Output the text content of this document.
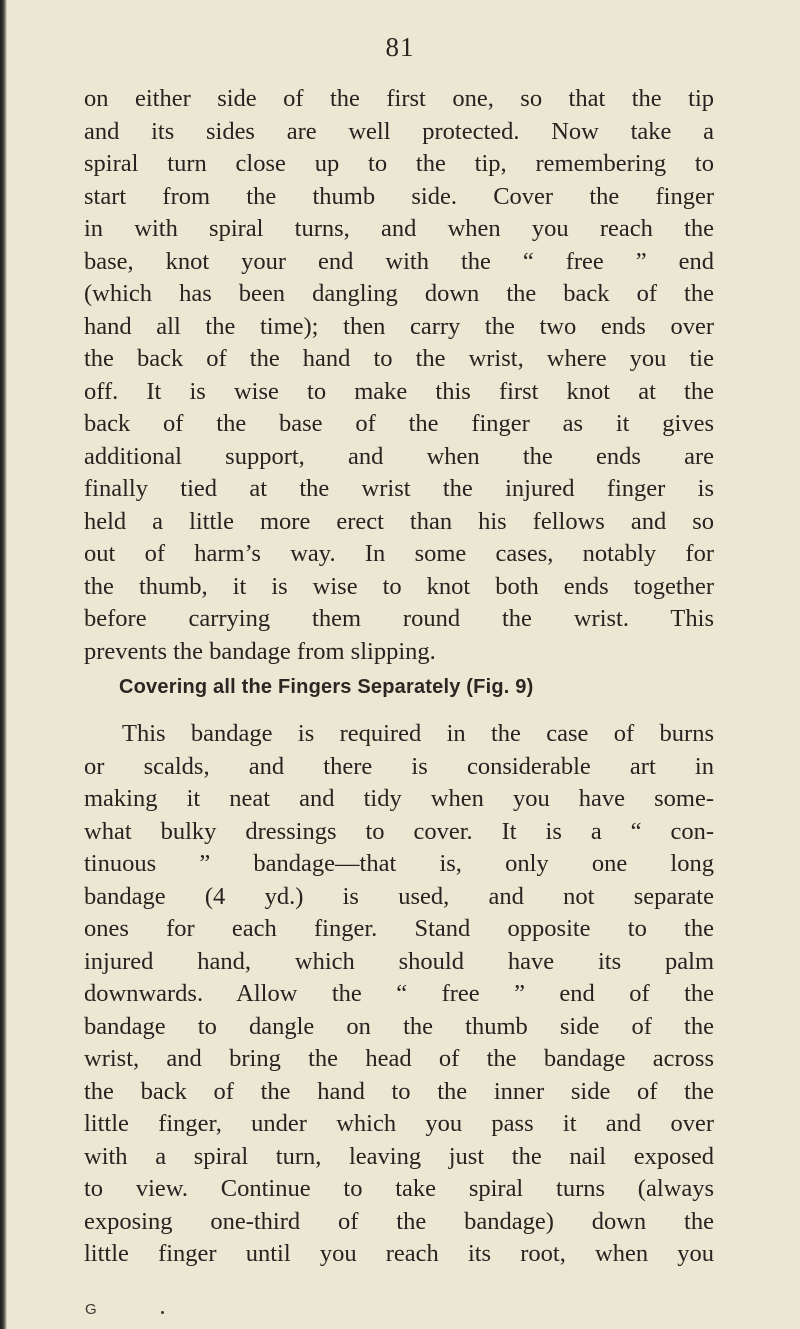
81

on either side of the first one, so that the tip
and its sides are well protected. Now take a
spiral turn close up to the tip, remembering to
start from the thumb side. Cover the finger
in with spiral turns, and when you reach the
base, knot your end with the “ free ” end
(which has been dangling down the back of the
hand all the time); then carry the two ends over
the back of the hand to the wrist, where you tie
off. It is wise to make this first knot at the
back of the base of the finger as it gives
additional support, and when the ends are
finally tied at the wrist the injured finger is
held a little more erect than his fellows and so
out of harm’s way. In some cases, notably for
the thumb, it is wise to knot both ends together
before carrying them round the wrist. This
prevents the bandage from slipping.

Covering all the Fingers Separately (Fig. 9)

This bandage is required in the case of burns
or scalds, and there is considerable art in
making it neat and tidy when you have some-
what bulky dressings to cover. It is a “ con-
tinuous ” bandage—that is, only one long
bandage (4 yd.) is used, and not separate
ones for each finger. Stand opposite to the
injured hand, which should have its palm
downwards. Allow the “ free ” end of the
bandage to dangle on the thumb side of the
wrist, and bring the head of the bandage across
the back of the hand to the inner side of the
little finger, under which you pass it and over
with a spiral turn, leaving just the nail exposed
to view. Continue to take spiral turns (always
exposing one-third of the bandage) down the
little finger until you reach its root, when you

G
